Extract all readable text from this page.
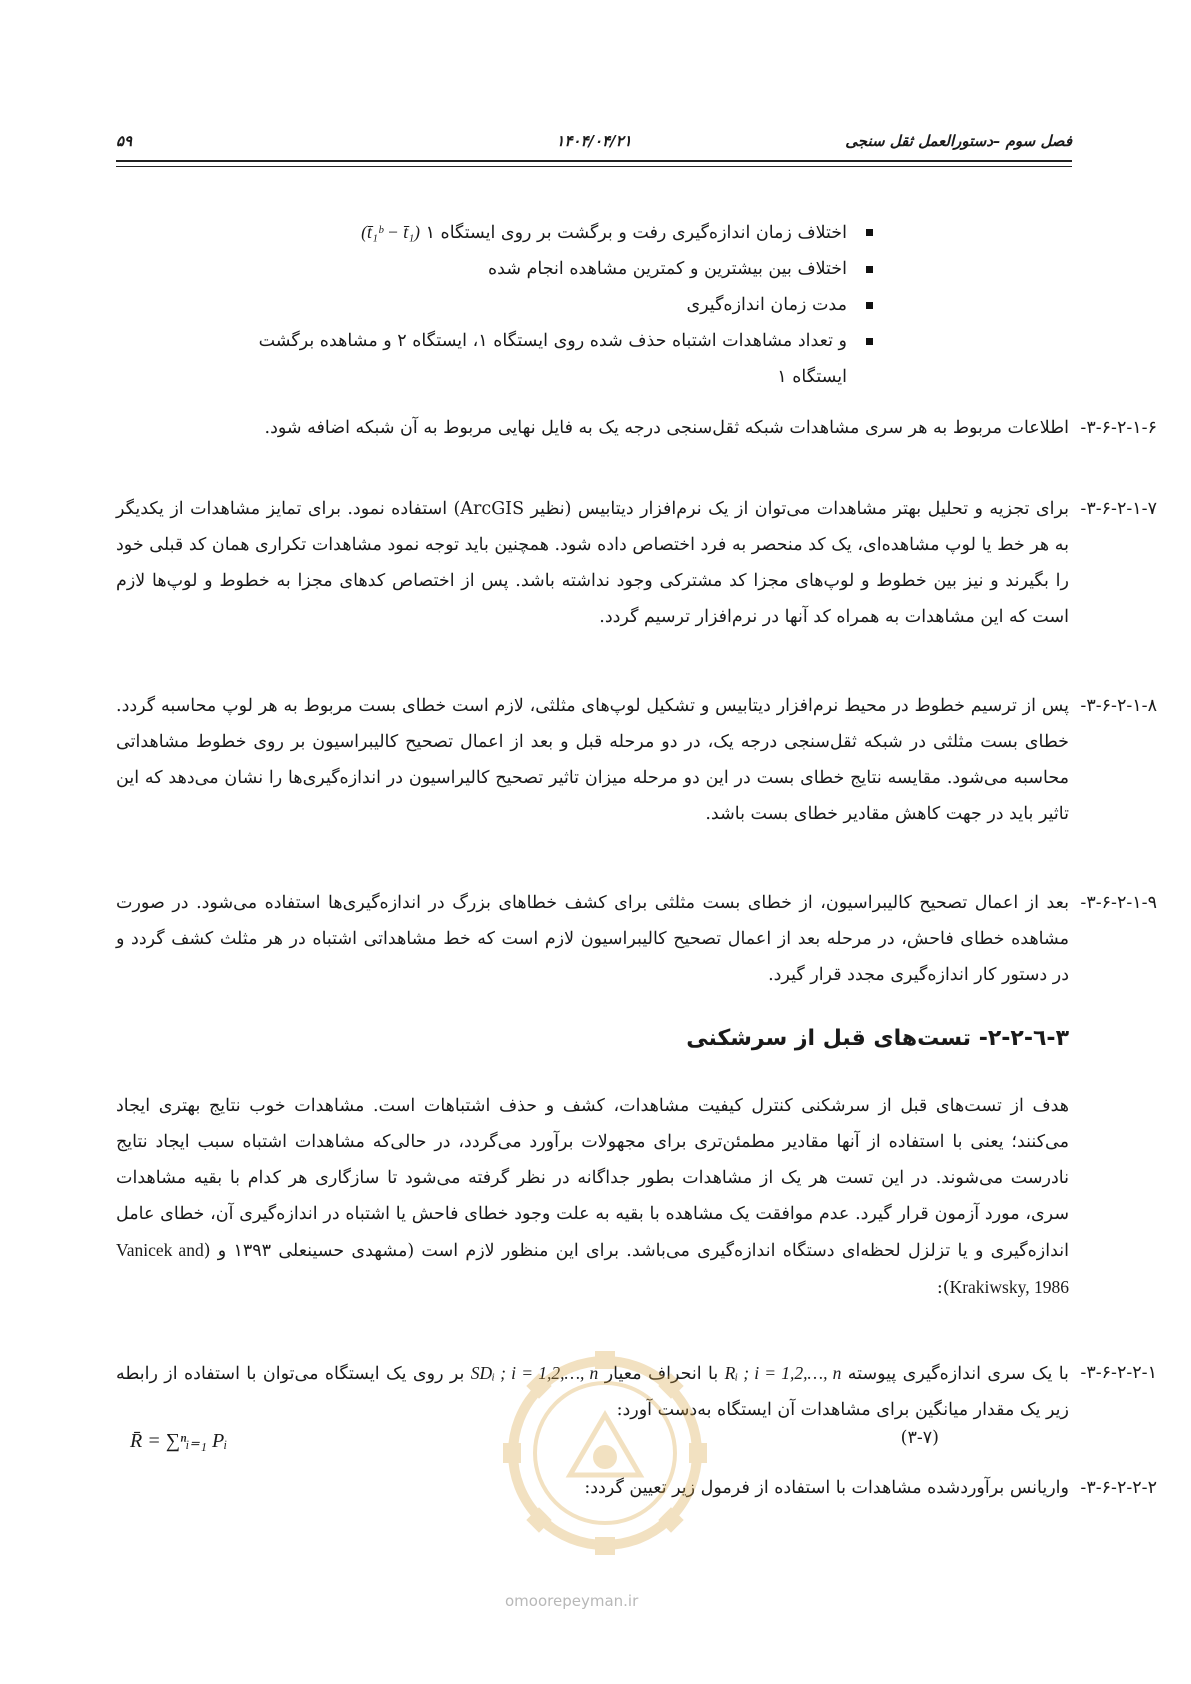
فصل سوم –دستورالعمل ثقل سنجی
۱۴۰۴/۰۴/۲۱
۵۹
اختلاف زمان اندازه‌گیری رفت و برگشت بر روی ایستگاه ۱ (t̄₁ᵇ − t̄₁)
اختلاف بین بیشترین و کمترین مشاهده انجام شده
مدت زمان اندازه‌گیری
و تعداد مشاهدات اشتباه حذف شده روی ایستگاه ۱، ایستگاه ۲ و مشاهده برگشت
ایستگاه ۱
۳-۶-۲-۱-۶-
اطلاعات مربوط به هر سری مشاهدات شبکه ثقل‌سنجی درجه یک به فایل نهایی مربوط به آن شبکه اضافه شود.
۳-۶-۲-۱-۷-
برای تجزیه و تحلیل بهتر مشاهدات می‌توان از یک نرم‌افزار دیتابیس (نظیر ArcGIS) استفاده نمود. برای تمایز مشاهدات از یکدیگر به هر خط یا لوپ مشاهده‌ای، یک کد منحصر به فرد اختصاص داده شود. همچنین باید توجه نمود مشاهدات تکراری همان کد قبلی خود را بگیرند و نیز بین خطوط و لوپ‌های مجزا کد مشترکی وجود نداشته باشد. پس از اختصاص کدهای مجزا به خطوط و لوپ‌ها لازم است که این مشاهدات به همراه کد آنها در نرم‌افزار ترسیم گردد.
۳-۶-۲-۱-۸-
پس از ترسیم خطوط در محیط نرم‌افزار دیتابیس و تشکیل لوپ‌های مثلثی، لازم است خطای بست مربوط به هر لوپ محاسبه گردد. خطای بست مثلثی در شبکه ثقل‌سنجی درجه یک، در دو مرحله قبل و بعد از اعمال تصحیح کالیبراسیون بر روی خطوط مشاهداتی محاسبه می‌شود. مقایسه نتایج خطای بست در این دو مرحله میزان تاثیر تصحیح کالیراسیون در اندازه‌گیری‌ها را نشان می‌دهد که این تاثیر باید در جهت کاهش مقادیر خطای بست باشد.
۳-۶-۲-۱-۹-
بعد از اعمال تصحیح کالیبراسیون، از خطای بست مثلثی برای کشف خطاهای بزرگ در اندازه‌گیری‌ها استفاده می‌شود. در صورت مشاهده خطای فاحش، در مرحله بعد از اعمال تصحیح کالیبراسیون لازم است که خط مشاهداتی اشتباه در هر مثلث کشف گردد و در دستور کار اندازه‌گیری مجدد قرار گیرد.
۳-٦-۲-۲- تست‌های قبل از سرشکنی
هدف از تست‌های قبل از سرشکنی کنترل کیفیت مشاهدات، کشف و حذف اشتباهات است. مشاهدات خوب نتایج بهتری ایجاد می‌کنند؛ یعنی با استفاده از آنها مقادیر مطمئن‌تری برای مجهولات برآورد می‌گردد، در حالی‌که مشاهدات اشتباه سبب ایجاد نتایج نادرست می‌شوند. در این تست هر یک از مشاهدات بطور جداگانه در نظر گرفته می‌شود تا سازگاری هر کدام با بقیه مشاهدات سری، مورد آزمون قرار گیرد. عدم موافقت یک مشاهده با بقیه به علت وجود خطای فاحش یا اشتباه در اندازه‌گیری آن، خطای عامل اندازه‌گیری و یا تزلزل لحظه‌ای دستگاه اندازه‌گیری می‌باشد. برای این منظور لازم است (مشهدی حسینعلی ۱۳۹۳ و (Vanicek and Krakiwsky, 1986):
۳-۶-۲-۲-۱-
با یک سری اندازه‌گیری پیوسته Rᵢ ; i = 1,2,…, n با انحراف معیار SDᵢ ; i = 1,2,…, n بر روی یک ایستگاه می‌توان با استفاده از رابطه زیر یک مقدار میانگین برای مشاهدات آن ایستگاه به‌دست آورد:
R̄ = ∑ⁿᵢ₌₁ Pᵢ	(۳-۷)
۳-۶-۲-۲-۲-
واریانس برآوردشده مشاهدات با استفاده از فرمول زیر تعیین گردد:
omoorepeyman.ir
